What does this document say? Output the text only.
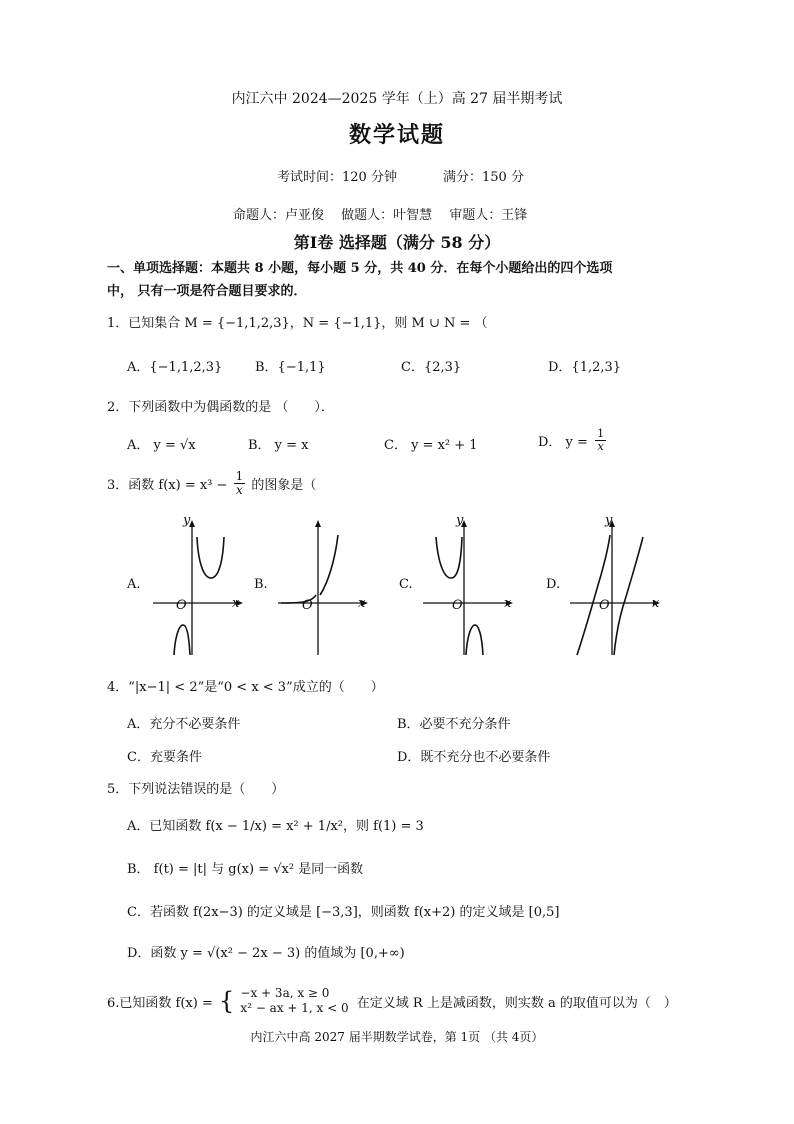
内江六中 2024—2025 学年（上）高 27 届半期考试
数学试题
考试时间：120 分钟	满分：150 分
命题人：卢亚俊　 做题人：叶智慧　 审题人：王锋
第Ⅰ卷 选择题（满分 58 分）
一、单项选择题：本题共 8 小题，每小题 5 分，共 40 分．在每个小题给出的四个选项
中， 只有一项是符合题目要求的．
1．已知集合 M = {−1,1,2,3}，N = {−1,1}，则 M ∪ N = （
A．{−1,1,2,3}	B．{−1,1}	C．{2,3}	D．{1,2,3}
2．下列函数中为偶函数的是 （　　）．
A． y = √x	B． y = x	C． y = x² + 1	D． $y = \frac{1}{x}$
3．函数 $f(x) = x^3 - \frac{1}{x}$ 的图象是（
A.
y
x
O
B.
x
O
C.
y
x
O
D.
y
x
O
4．“|x−1| < 2”是“0 < x < 3”成立的（　　）
A．充分不必要条件	B．必要不充分条件
C．充要条件	D．既不充分也不必要条件
5．下列说法错误的是（　　）
A．已知函数 f(x − 1/x) = x² + 1/x²，则 f(1) = 3
B． f(t) = |t| 与 g(x) = √x² 是同一函数
C．若函数 f(2x−3) 的定义域是 [−3,3]，则函数 f(x+2) 的定义域是 [0,5]
D．函数 y = √(x² − 2x − 3) 的值域为 [0,+∞)
6.已知函数 f(x) = { −x + 3a, x ≥ 0
x² − ax + 1, x < 0 在定义域 R 上是减函数，则实数 a 的取值可以为（　）
内江六中高 2027 届半期数学试卷，第 1页 （共 4页）
